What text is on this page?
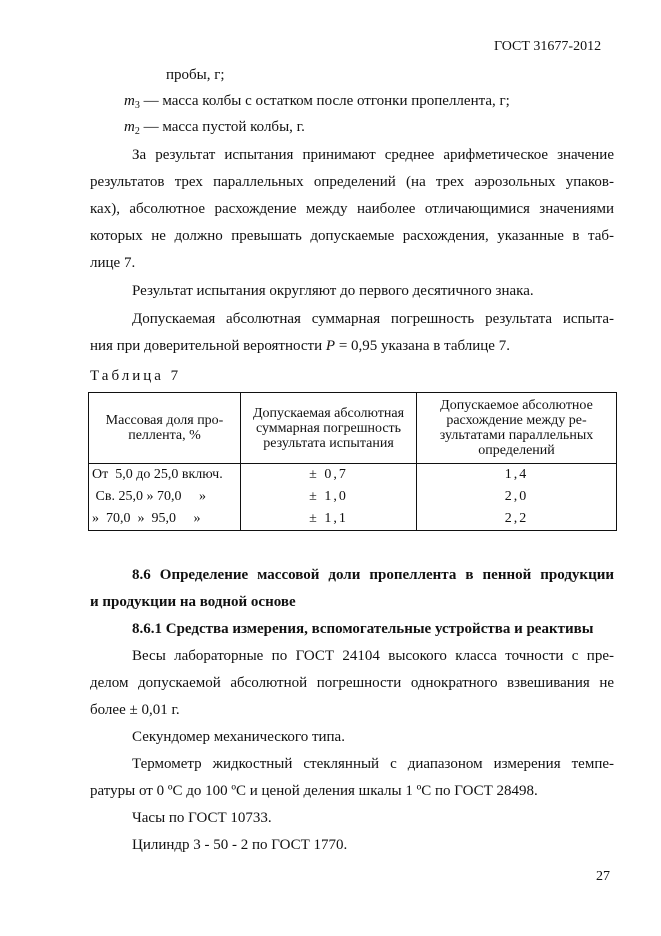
ГОСТ 31677-2012
пробы, г;
$m_3$ — масса колбы с остатком после отгонки пропеллента, г;
$m_2$ — масса пустой колбы, г.
За результат испытания принимают среднее арифметическое значение
результатов трех параллельных определений (на трех аэрозольных упаков-
ках), абсолютное расхождение между наиболее отличающимися значениями
которых не должно превышать допускаемые расхождения, указанные в таб-
лице 7.
Результат испытания округляют до первого десятичного знака.
Допускаемая абсолютная суммарная погрешность результата испыта-
ния при доверительной вероятности P = 0,95 указана в таблице 7.
Таблица 7
Массовая доля про-
пеллента, %	Допускаемая абсолютная суммарная погрешность результата испытания	Допускаемое абсолютное расхождение между ре-зультатами параллельных определений
От  5,0 до 25,0 включ.	± 0,7	1,4
Св. 25,0 » 70,0     »	± 1,0	2,0
»  70,0  »  95,0     »	± 1,1	2,2
8.6 Определение массовой доли пропеллента в пенной продукции
и продукции на водной основе
8.6.1 Средства измерения, вспомогательные устройства и реактивы
Весы лабораторные по ГОСТ 24104 высокого класса точности с пре-
делом допускаемой абсолютной погрешности однократного взвешивания не
более ± 0,01 г.
Секундомер механического типа.
Термометр жидкостный стеклянный с диапазоном измерения темпе-
ратуры от 0 ºС до 100 ºС и ценой деления шкалы 1 ºС по ГОСТ 28498.
Часы по ГОСТ 10733.
Цилиндр 3 - 50 - 2 по ГОСТ 1770.
27
